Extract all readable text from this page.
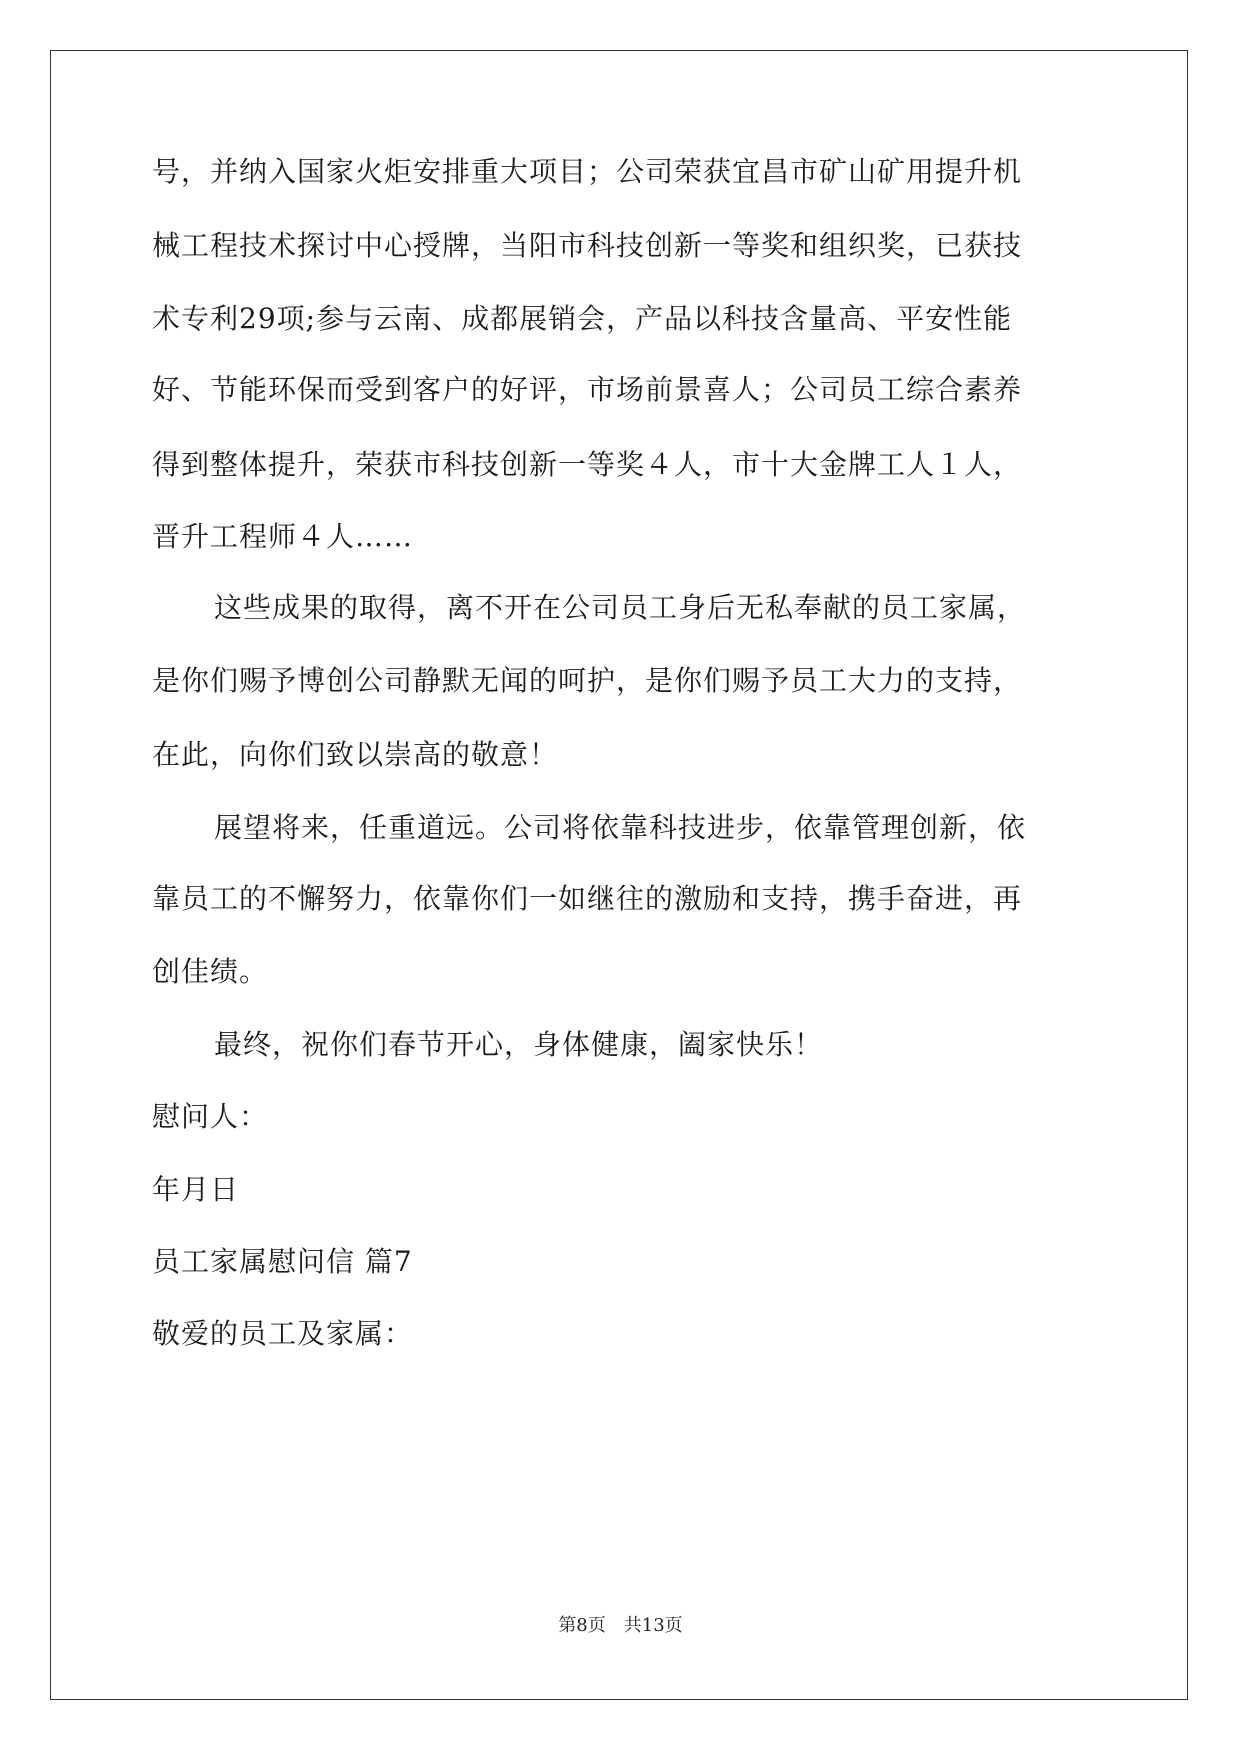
号，并纳入国家火炬安排重大项目；公司荣获宜昌市矿山矿用提升机
械工程技术探讨中心授牌，当阳市科技创新一等奖和组织奖，已获技
术专利29项;参与云南、成都展销会，产品以科技含量高、平安性能
好、节能环保而受到客户的好评，市场前景喜人；公司员工综合素养
得到整体提升，荣获市科技创新一等奖４人，市十大金牌工人１人，
晋升工程师４人……
这些成果的取得，离不开在公司员工身后无私奉献的员工家属，
是你们赐予博创公司静默无闻的呵护，是你们赐予员工大力的支持，
在此，向你们致以崇高的敬意！
展望将来，任重道远。公司将依靠科技进步，依靠管理创新，依
靠员工的不懈努力，依靠你们一如继往的激励和支持，携手奋进，再
创佳绩。
最终，祝你们春节开心，身体健康，阖家快乐！
慰问人：
年月日
员工家属慰问信 篇7
敬爱的员工及家属：
第8页 共13页
